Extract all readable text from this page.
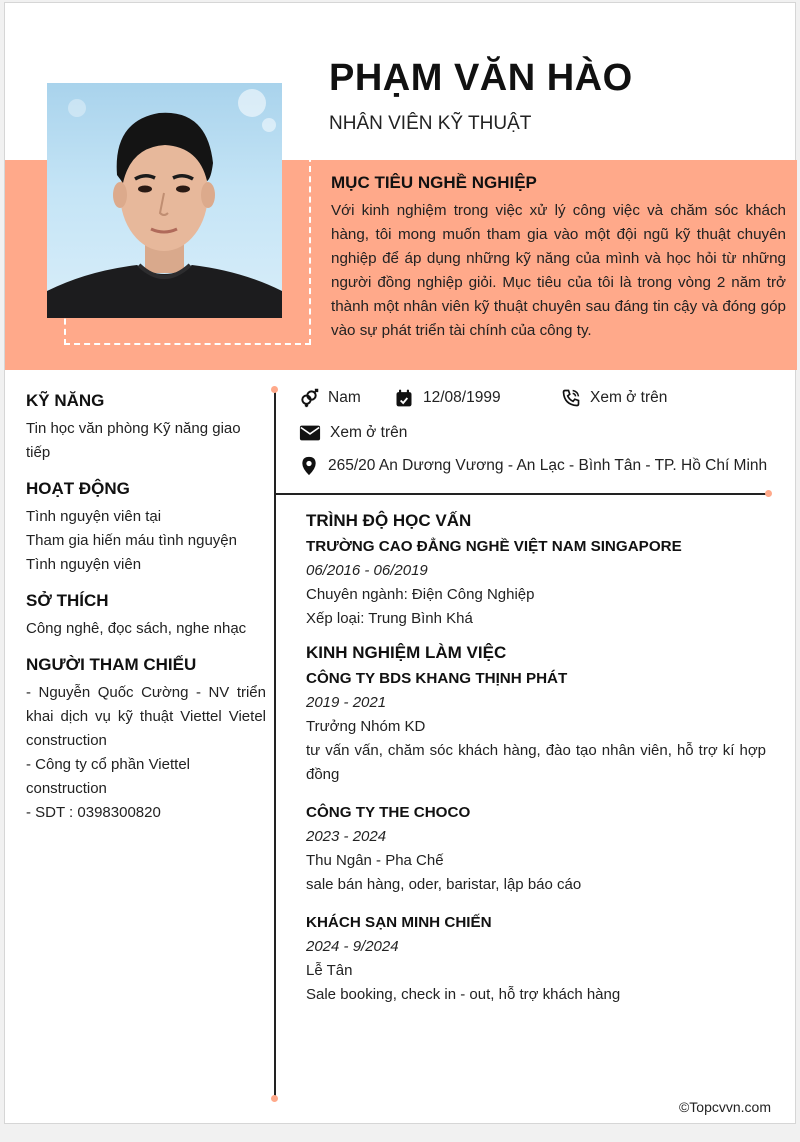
PHẠM VĂN HÀO
NHÂN VIÊN KỸ THUẬT
MỤC TIÊU NGHỀ NGHIỆP

Với kinh nghiệm trong việc xử lý công việc và chăm sóc khách hàng, tôi mong muốn tham gia vào một đội ngũ kỹ thuật chuyên nghiệp để áp dụng những kỹ năng của mình và học hỏi từ những người đồng nghiệp giỏi. Mục tiêu của tôi là trong vòng 2 năm trở thành một nhân viên kỹ thuật chuyên sau đáng tin cậy và đóng góp vào sự phát triển tài chính của công ty.

KỸ NĂNG
Tin học văn phòng Kỹ năng giao tiếp
HOẠT ĐỘNG
Tình nguyện viên tại
Tham gia hiến máu tình nguyện
Tình nguyện viên
SỞ THÍCH
Công nghê, đọc sách, nghe nhạc
NGƯỜI THAM CHIẾU
- Nguyễn Quốc Cường - NV triển khai dịch vụ kỹ thuật Viettel Vietel construction
- Công ty cổ phần Viettel construction
- SDT : 0398300820
Nam	12/08/1999	Xem ở trên
Xem ở trên
265/20 An Dương Vương - An Lạc - Bình Tân - TP. Hồ Chí Minh
TRÌNH ĐỘ HỌC VẤN
TRƯỜNG CAO ĐẲNG NGHỀ VIỆT NAM SINGAPORE
06/2016 - 06/2019
Chuyên ngành: Điện Công Nghiệp
Xếp loại: Trung Bình Khá
KINH NGHIỆM LÀM VIỆC
CÔNG TY BDS KHANG THỊNH PHÁT
2019 - 2021
Trưởng Nhóm KD
tư vấn vấn, chăm sóc khách hàng, đào tạo nhân viên, hỗ trợ kí hợp đồng
CÔNG TY THE CHOCO
2023 - 2024
Thu Ngân - Pha Chế
sale bán hàng, oder, baristar, lập báo cáo
KHÁCH SẠN MINH CHIẾN
2024 - 9/2024
Lễ Tân
Sale booking, check in - out, hỗ trợ khách hàng
©Topcvvn.com
